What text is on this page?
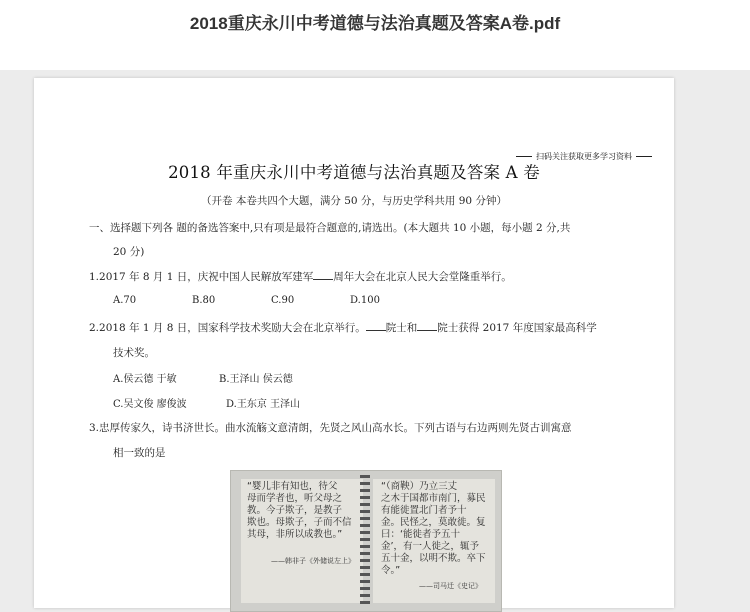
2018重庆永川中考道德与法治真题及答案A卷.pdf
扫码关注获取更多学习资料
2018 年重庆永川中考道德与法治真题及答案 A 卷
（开卷 本卷共四个大题，满分 50 分，与历史学科共用 90 分钟）
一、选择题下列各 题的备选答案中,只有项是最符合题意的,请选出。(本大题共 10 小题，每小题 2 分,共
20 分)
1.2017 年 8 月 1 日，庆祝中国人民解放军建军 周年大会在北京人民大会堂隆重举行。
A.70	B.80	C.90	D.100
2.2018 年 1 月 8 日，国家科学技术奖励大会在北京举行。 院士和 院士获得 2017 年度国家最高科学
技术奖。
A.侯云德 于敏	B.王泽山 侯云德
C.吴文俊 廖俊波	D.王东京 王泽山
3.忠厚传家久，诗书济世长。曲水流觞文意清朗，先贤之风山高水长。下列古语与右边两则先贤古训寓意
相一致的是
“婴儿非有知也，待父
母而学者也，听父母之
教。今子欺子，是教子
欺也。母欺子，子而不信
其母，非所以成教也。”
——韩非子《外储说左上》
“（商鞅）乃立三丈
之木于国都市南门，募民
有能徙置北门者予十
金。民怪之，莫敢徙。复
曰：‘能徙者予五十
金’，有一人徙之，辄予
五十金，以明不欺。卒下
令。”
——司马迁《史记》
